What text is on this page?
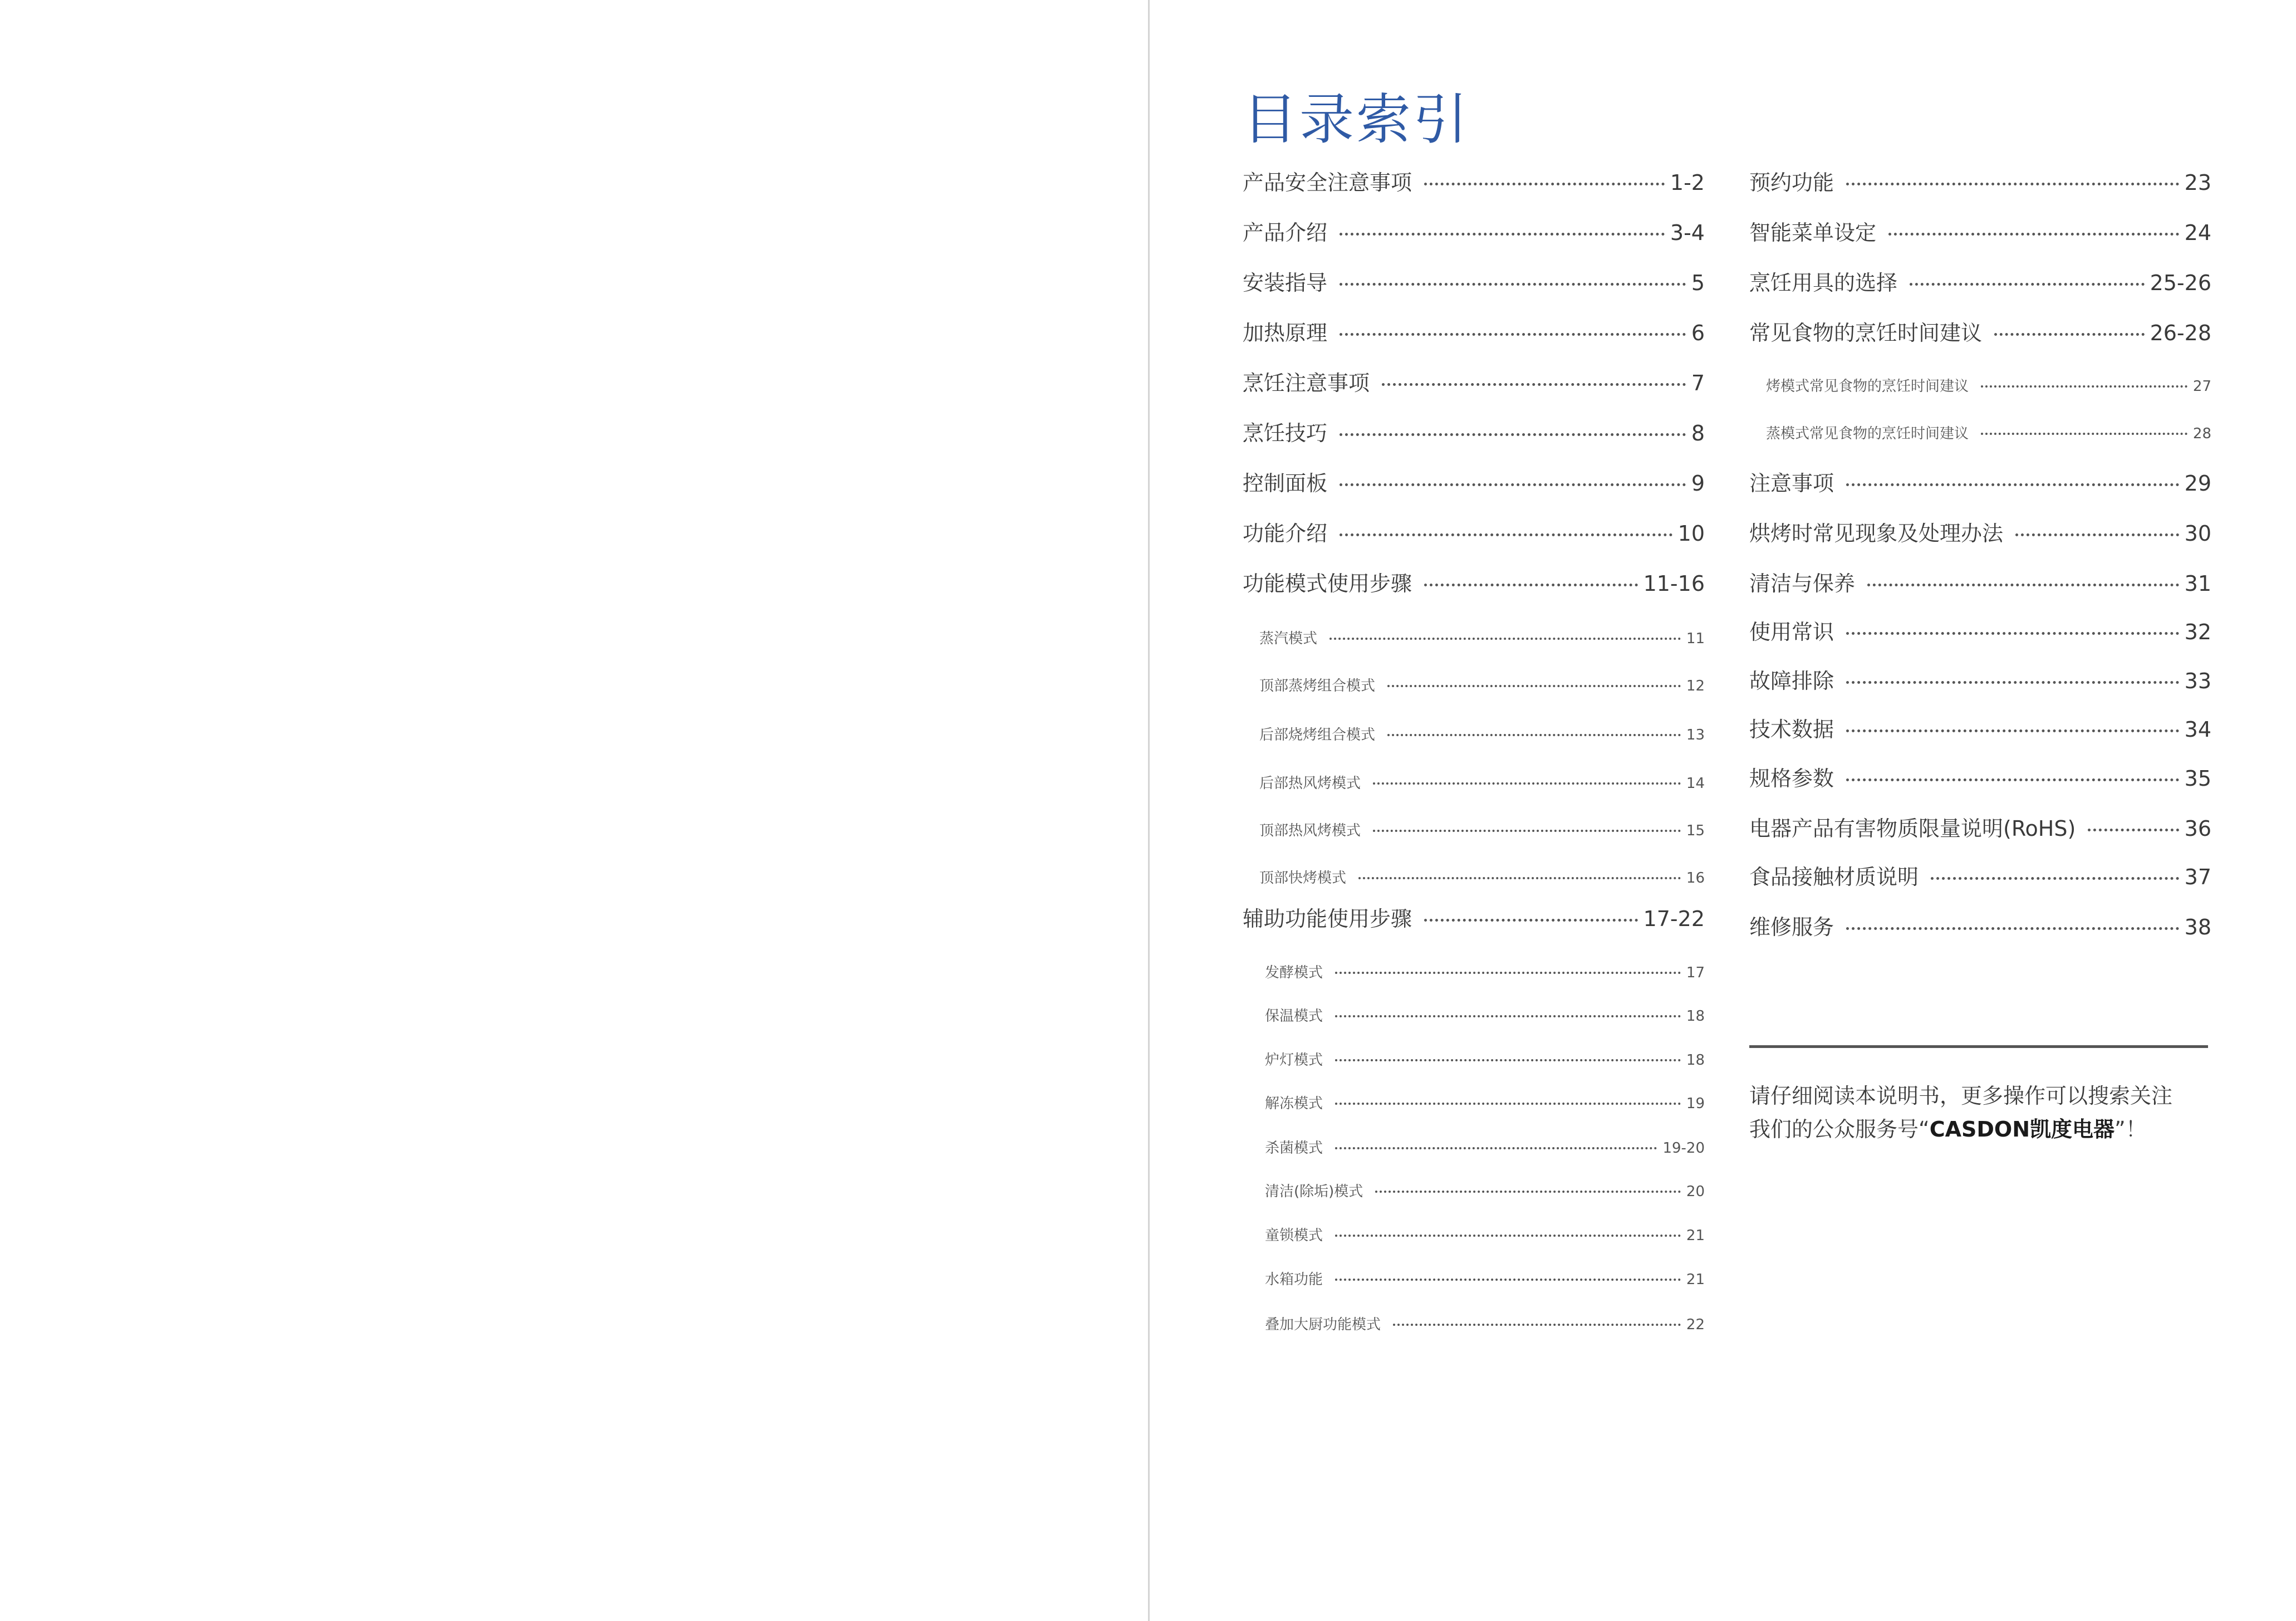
目录索引
产品安全注意事项	1-2
产品介绍	3-4
安装指导	5
加热原理	6
烹饪注意事项	7
烹饪技巧	8
控制面板	9
功能介绍	10
功能模式使用步骤	11-16
蒸汽模式	11
顶部蒸烤组合模式	12
后部烧烤组合模式	13
后部热风烤模式	14
顶部热风烤模式	15
顶部快烤模式	16
辅助功能使用步骤	17-22
发酵模式	17
保温模式	18
炉灯模式	18
解冻模式	19
杀菌模式	19-20
清洁(除垢)模式	20
童锁模式	21
水箱功能	21
叠加大厨功能模式	22
预约功能	23
智能菜单设定	24
烹饪用具的选择	25-26
常见食物的烹饪时间建议	26-28
烤模式常见食物的烹饪时间建议	27
蒸模式常见食物的烹饪时间建议	28
注意事项	29
烘烤时常见现象及处理办法	30
清洁与保养	31
使用常识	32
故障排除	33
技术数据	34
规格参数	35
电器产品有害物质限量说明(RoHS)	36
食品接触材质说明	37
维修服务	38
请仔细阅读本说明书，更多操作可以搜索关注
我们的公众服务号“CASDON凯度电器”！
